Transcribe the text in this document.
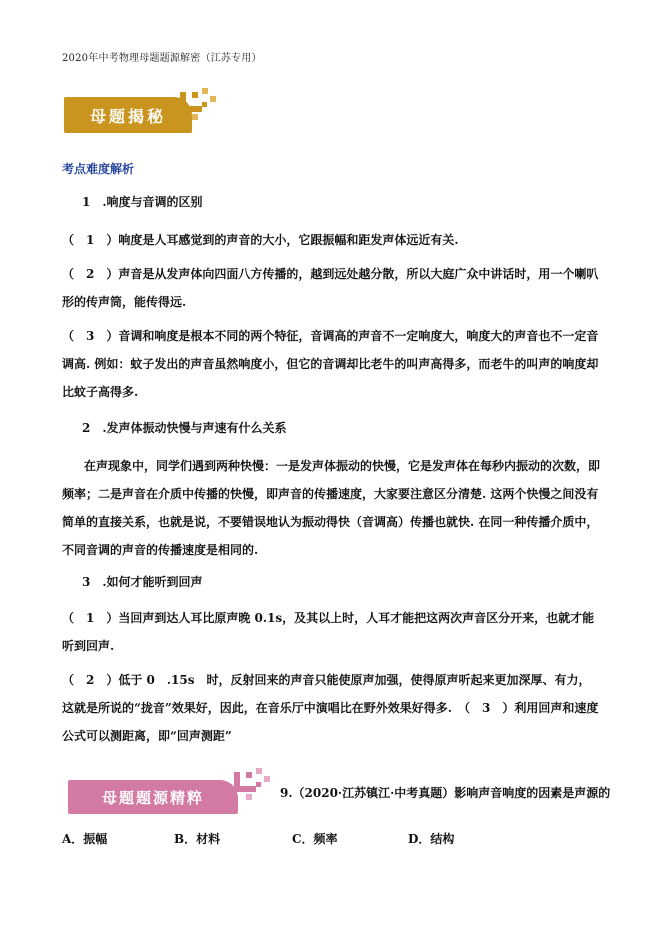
2020年中考物理母题题源解密（江苏专用）
母题揭秘
考点难度解析
1　.响度与音调的区别
（　1　）响度是人耳感觉到的声音的大小，它跟振幅和距发声体远近有关.
（　2　）声音是从发声体向四面八方传播的，越到远处越分散，所以大庭广众中讲话时，用一个喇叭形的传声筒，能传得远.
（　3　）音调和响度是根本不同的两个特征，音调高的声音不一定响度大，响度大的声音也不一定音调高. 例如：蚊子发出的声音虽然响度小，但它的音调却比老牛的叫声高得多，而老牛的叫声的响度却比蚊子高得多.
2　.发声体振动快慢与声速有什么关系
在声现象中，同学们遇到两种快慢：一是发声体振动的快慢，它是发声体在每秒内振动的次数，即频率；二是声音在介质中传播的快慢，即声音的传播速度，大家要注意区分清楚. 这两个快慢之间没有简单的直接关系，也就是说，不要错误地认为振动得快（音调高）传播也就快. 在同一种传播介质中，不同音调的声音的传播速度是相同的.
3　.如何才能听到回声
（　1　）当回声到达人耳比原声晚 0.1s，及其以上时，人耳才能把这两次声音区分开来，也就才能听到回声.
（　2　）低于 0　.15s　时，反射回来的声音只能使原声加强，使得原声听起来更加深厚、有力，这就是所说的“拢音”效果好，因此，在音乐厅中演唱比在野外效果好得多.　（　3　）利用回声和速度公式可以测距离，即“回声测距”
母题题源精粹	9.（2020·江苏镇江·中考真题）影响声音响度的因素是声源的
A．振幅	B．材料	C．频率	D．结构
